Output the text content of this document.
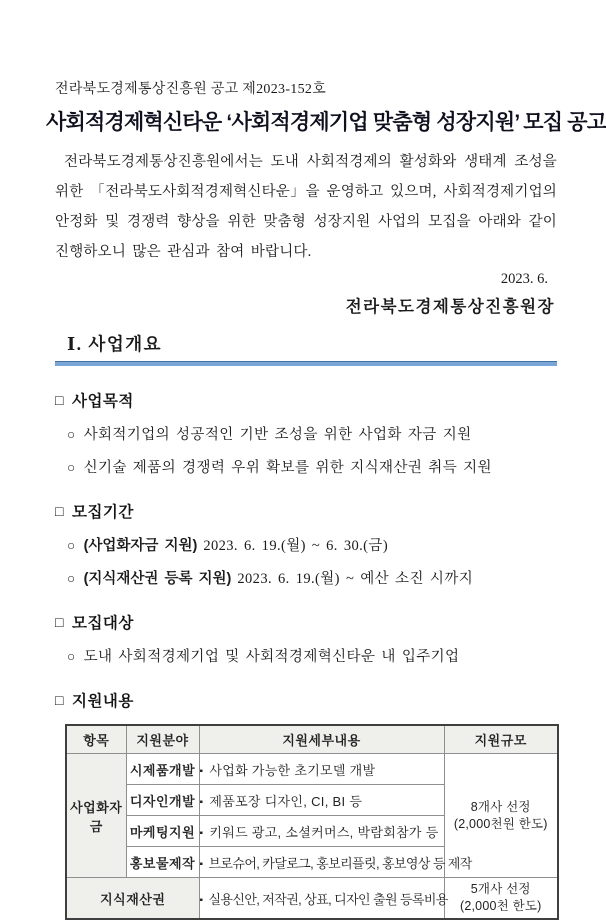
전라북도경제통상진흥원 공고 제2023-152호
사회적경제혁신타운 ‘사회적경제기업 맞춤형 성장지원’ 모집 공고
전라북도경제통상진흥원에서는 도내 사회적경제의 활성화와 생태계 조성을 위한 「전라북도사회적경제혁신타운」을 운영하고 있으며, 사회적경제기업의 안정화 및 경쟁력 향상을 위한 맞춤형 성장지원 사업의 모집을 아래와 같이 진행하오니 많은 관심과 참여 바랍니다.
2023. 6.
전라북도경제통상진흥원장
Ⅰ. 사업개요
□ 사업목적
○ 사회적기업의 성공적인 기반 조성을 위한 사업화 자금 지원
○ 신기술 제품의 경쟁력 우위 확보를 위한 지식재산권 취득 지원
□ 모집기간
○ (사업화자금 지원) 2023. 6. 19.(월) ~ 6. 30.(금)
○ (지식재산권 등록 지원) 2023. 6. 19.(월) ~ 예산 소진 시까지
□ 모집대상
○ 도내 사회적경제기업 및 사회적경제혁신타운 내 입주기업
□ 지원내용
항목	지원분야	지원세부내용	지원규모
사업화자금	시제품개발	▪ 사업화 가능한 초기모델 개발	8개사 선정
(2,000천원 한도)

	디자인개발	▪ 제품포장 디자인, CI, BI 등	
	마케팅지원	▪ 키워드 광고, 소셜커머스, 박람회참가 등	
	홍보물제작	▪ 브로슈어, 카달로그, 홍보리플릿, 홍보영상 등 제작	
지식재산권		▪ 실용신안, 저작권, 상표, 디자인 출원 등록비용	5개사 선정
(2,000천 한도)
